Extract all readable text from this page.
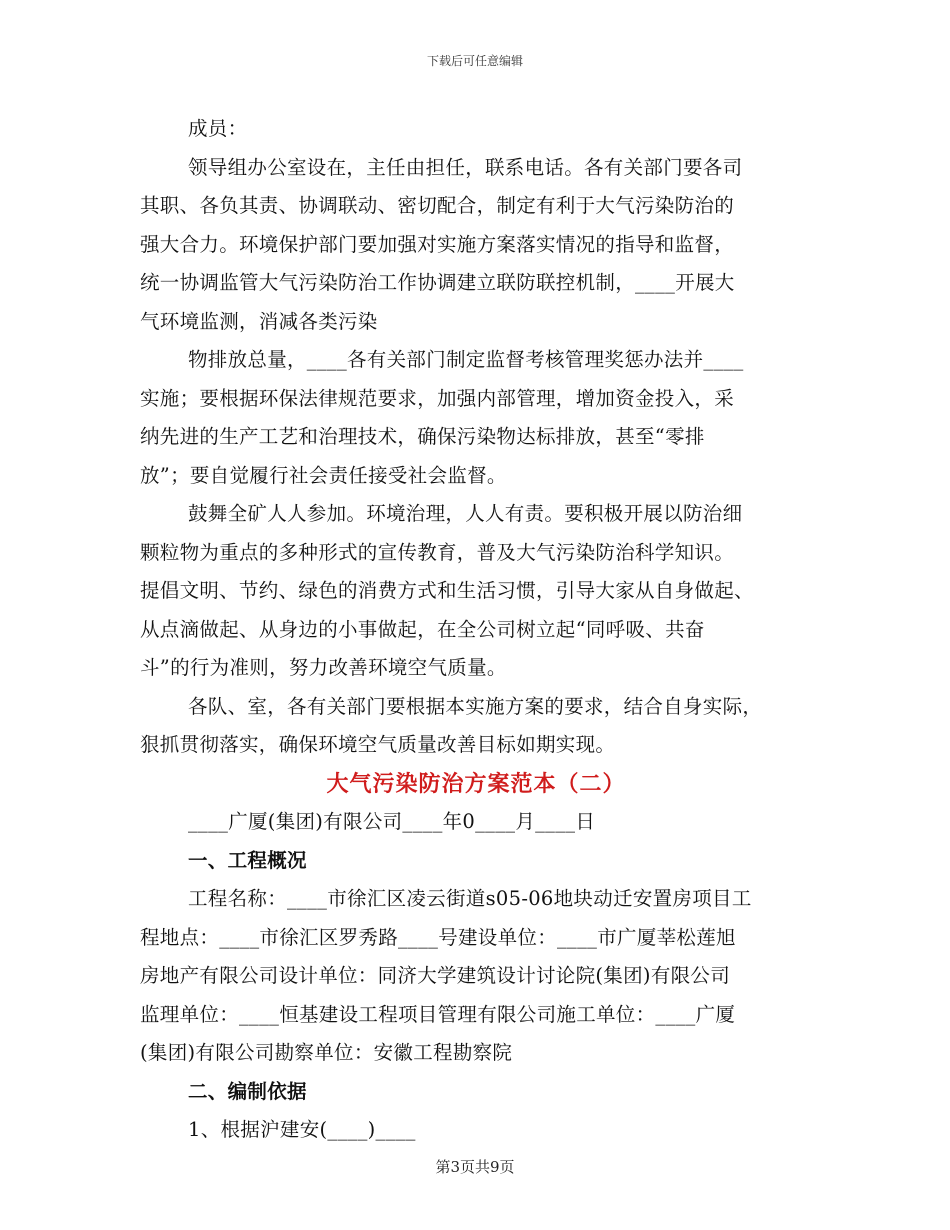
下载后可任意编辑
成员：
领导组办公室设在，主任由担任，联系电话。各有关部门要各司
其职、各负其责、协调联动、密切配合，制定有利于大气污染防治的
强大合力。环境保护部门要加强对实施方案落实情况的指导和监督，
统一协调监管大气污染防治工作协调建立联防联控机制，____开展大
气环境监测，消减各类污染
物排放总量，____各有关部门制定监督考核管理奖惩办法并____
实施；要根据环保法律规范要求，加强内部管理，增加资金投入，采
纳先进的生产工艺和治理技术，确保污染物达标排放，甚至“零排
放”；要自觉履行社会责任接受社会监督。
鼓舞全矿人人参加。环境治理，人人有责。要积极开展以防治细
颗粒物为重点的多种形式的宣传教育，普及大气污染防治科学知识。
提倡文明、节约、绿色的消费方式和生活习惯，引导大家从自身做起、
从点滴做起、从身边的小事做起，在全公司树立起“同呼吸、共奋
斗”的行为准则，努力改善环境空气质量。
各队、室，各有关部门要根据本实施方案的要求，结合自身实际，
狠抓贯彻落实，确保环境空气质量改善目标如期实现。
大气污染防治方案范本（二）
____广厦(集团)有限公司____年0____月____日
一、工程概况
工程名称：____市徐汇区凌云街道s05-06地块动迁安置房项目工
程地点：____市徐汇区罗秀路____号建设单位：____市广厦莘松莲旭
房地产有限公司设计单位：同济大学建筑设计讨论院(集团)有限公司
监理单位：____恒基建设工程项目管理有限公司施工单位：____广厦
(集团)有限公司勘察单位：安徽工程勘察院
二、编制依据
1、根据沪建安(____)____
第3页共9页
